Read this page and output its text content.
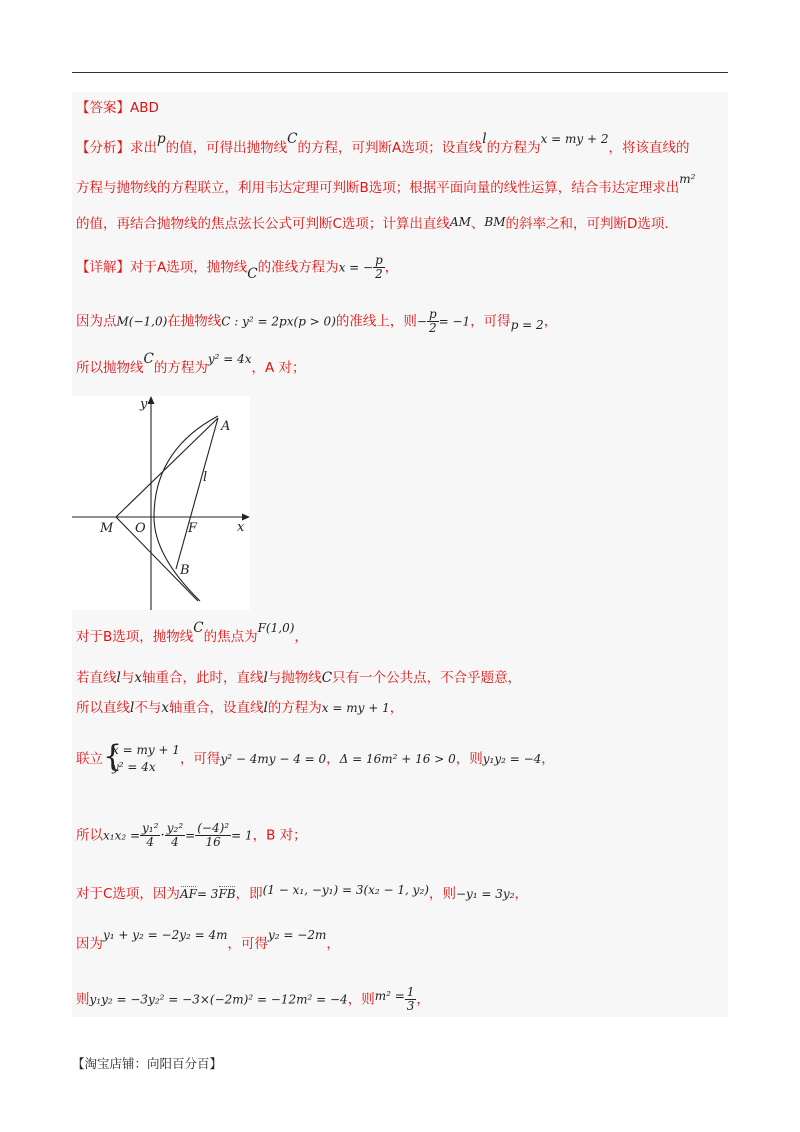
【答案】ABD
【分析】求出p的值，可得出抛物线C的方程，可判断A选项；设直线l的方程为x = my + 2，将该直线的
方程与抛物线的方程联立，利用韦达定理可判断B选项；根据平面向量的线性运算，结合韦达定理求出m²
的值，再结合抛物线的焦点弦长公式可判断C选项；计算出直线AM、BM的斜率之和，可判断D选项.
【详解】对于A选项，抛物线C的准线方程为x = − $\frac{p}{2}$ ，
因为点M(−1,0)在抛物线C : y² = 2px(p > 0)的准线上，则− $\frac{p}{2} = -1$，可得p = 2，
所以抛物线C的方程为y² = 4x，A 对；
y
x
A
B
M O	F
l
对于B选项，抛物线C的焦点为F(1,0)，
若直线l与x轴重合，此时，直线l与抛物线C只有一个公共点，不合乎题意，
所以直线l不与x轴重合，设直线l的方程为x = my + 1，
联立 {
x = my + 1
y² = 4x	，可得y² − 4my − 4 = 0，Δ = 16m² + 16 > 0，则y₁y₂ = −4，
所以$x_1x_2 = \frac{\text{y₁²}}{4} \cdot \frac{\text{y₂²}}{4} = \frac{\text{(−4)²}}{16} = 1$，B 对；
对于C选项，因为AF= 3FB，即(1 − x₁, −y₁) = 3(x₂ − 1, y₂)，则−y₁ = 3y₂，
因为y₁ + y₂ = −2y₂ = 4m，可得y₂ = −2m，
则y₁y₂ = −3y₂² = −3×(−2m)² = −12m² = −4，则$m^2 = \frac{1}{3}$ ，
【淘宝店铺：向阳百分百】
